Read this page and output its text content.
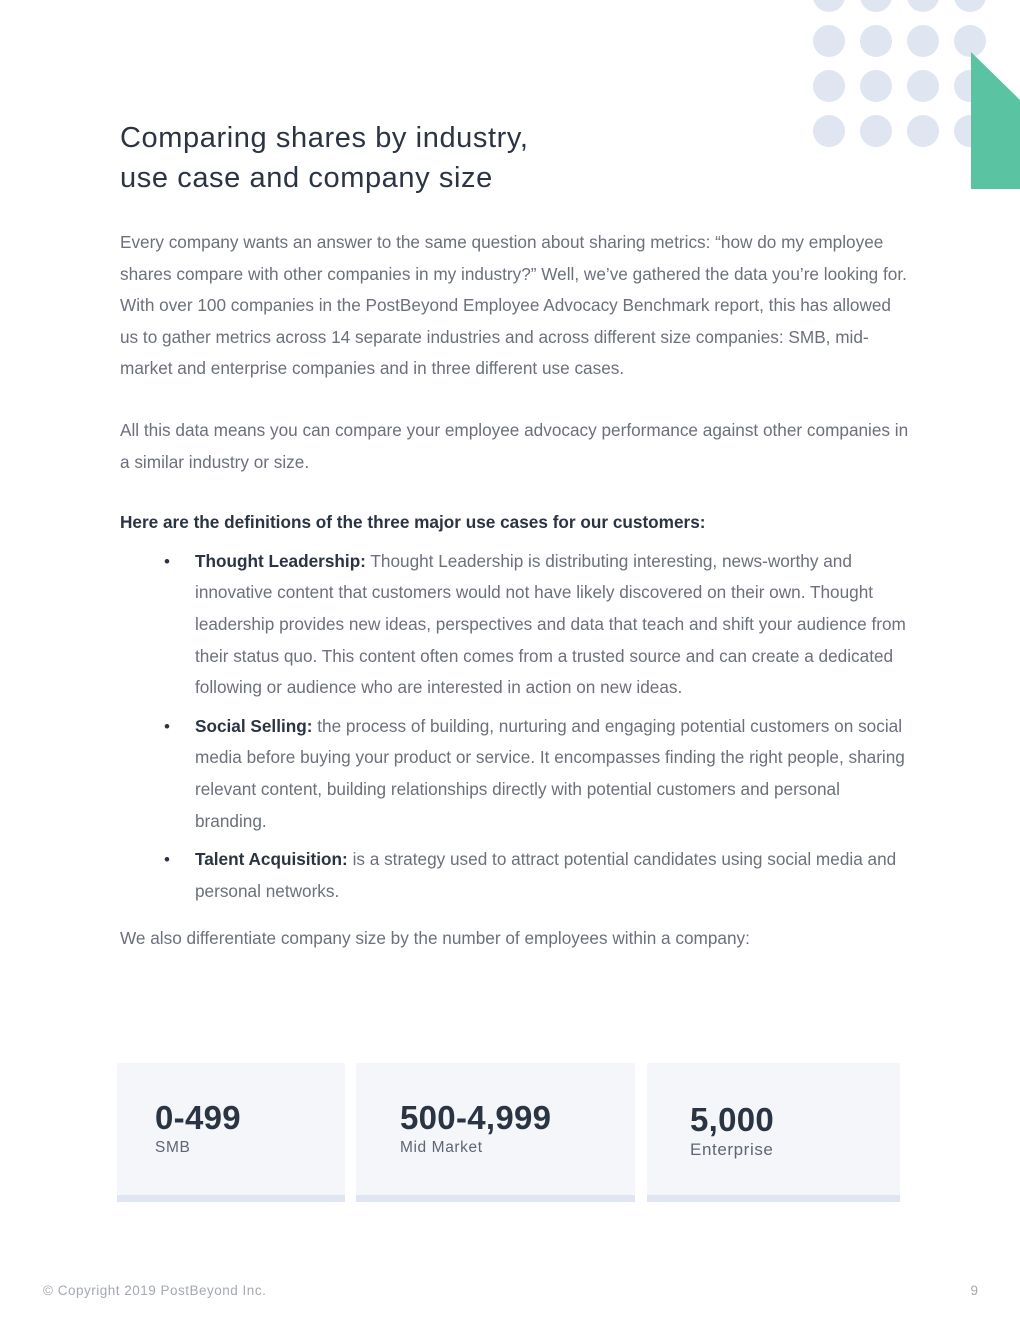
Comparing shares by industry,
use case and company size

Every company wants an answer to the same question about sharing metrics: “how do my employee shares compare with other companies in my industry?” Well, we’ve gathered the data you’re looking for. With over 100 companies in the PostBeyond Employee Advocacy Benchmark report, this has allowed us to gather metrics across 14 separate industries and across different size companies: SMB, mid-market and enterprise companies and in three different use cases.

All this data means you can compare your employee advocacy performance against other companies in a similar industry or size.

Here are the definitions of the three major use cases for our customers:

• Thought Leadership: Thought Leadership is distributing interesting, news-worthy and innovative content that customers would not have likely discovered on their own. Thought leadership provides new ideas, perspectives and data that teach and shift your audience from their status quo. This content often comes from a trusted source and can create a dedicated following or audience who are interested in action on new ideas.
• Social Selling: the process of building, nurturing and engaging potential customers on social media before buying your product or service. It encompasses finding the right people, sharing relevant content, building relationships directly with potential customers and personal branding.
• Talent Acquisition: is a strategy used to attract potential candidates using social media and personal networks.

We also differentiate company size by the number of employees within a company:

0-499
SMB
500-4,999
Mid Market
5,000
Enterprise
© Copyright 2019 PostBeyond Inc.	9
